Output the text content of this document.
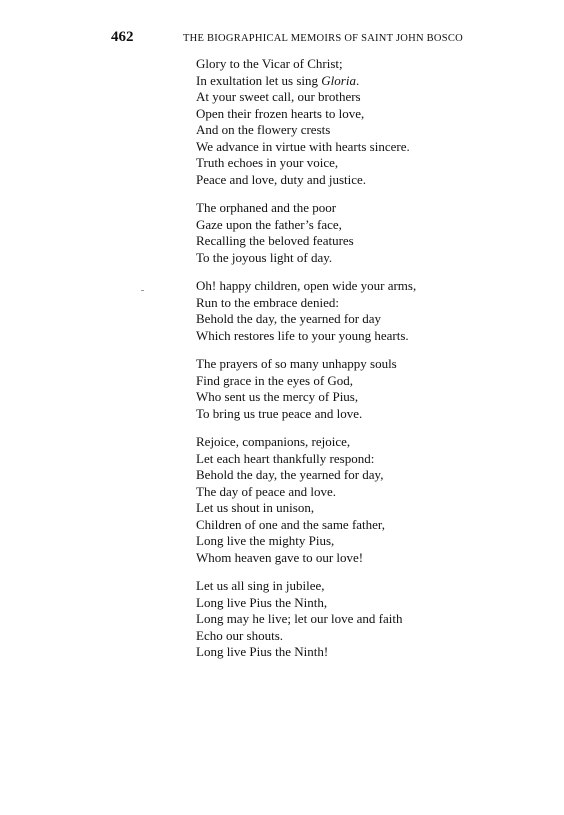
462	THE BIOGRAPHICAL MEMOIRS OF SAINT JOHN BOSCO
Glory to the Vicar of Christ;
In exultation let us sing Gloria.
At your sweet call, our brothers
Open their frozen hearts to love,
And on the flowery crests
We advance in virtue with hearts sincere.
Truth echoes in your voice,
Peace and love, duty and justice.
The orphaned and the poor
Gaze upon the father’s face,
Recalling the beloved features
To the joyous light of day.
Oh! happy children, open wide your arms,
Run to the embrace denied:
Behold the day, the yearned for day
Which restores life to your young hearts.
The prayers of so many unhappy souls
Find grace in the eyes of God,
Who sent us the mercy of Pius,
To bring us true peace and love.
Rejoice, companions, rejoice,
Let each heart thankfully respond:
Behold the day, the yearned for day,
The day of peace and love.
Let us shout in unison,
Children of one and the same father,
Long live the mighty Pius,
Whom heaven gave to our love!
Let us all sing in jubilee,
Long live Pius the Ninth,
Long may he live; let our love and faith
Echo our shouts.
Long live Pius the Ninth!
